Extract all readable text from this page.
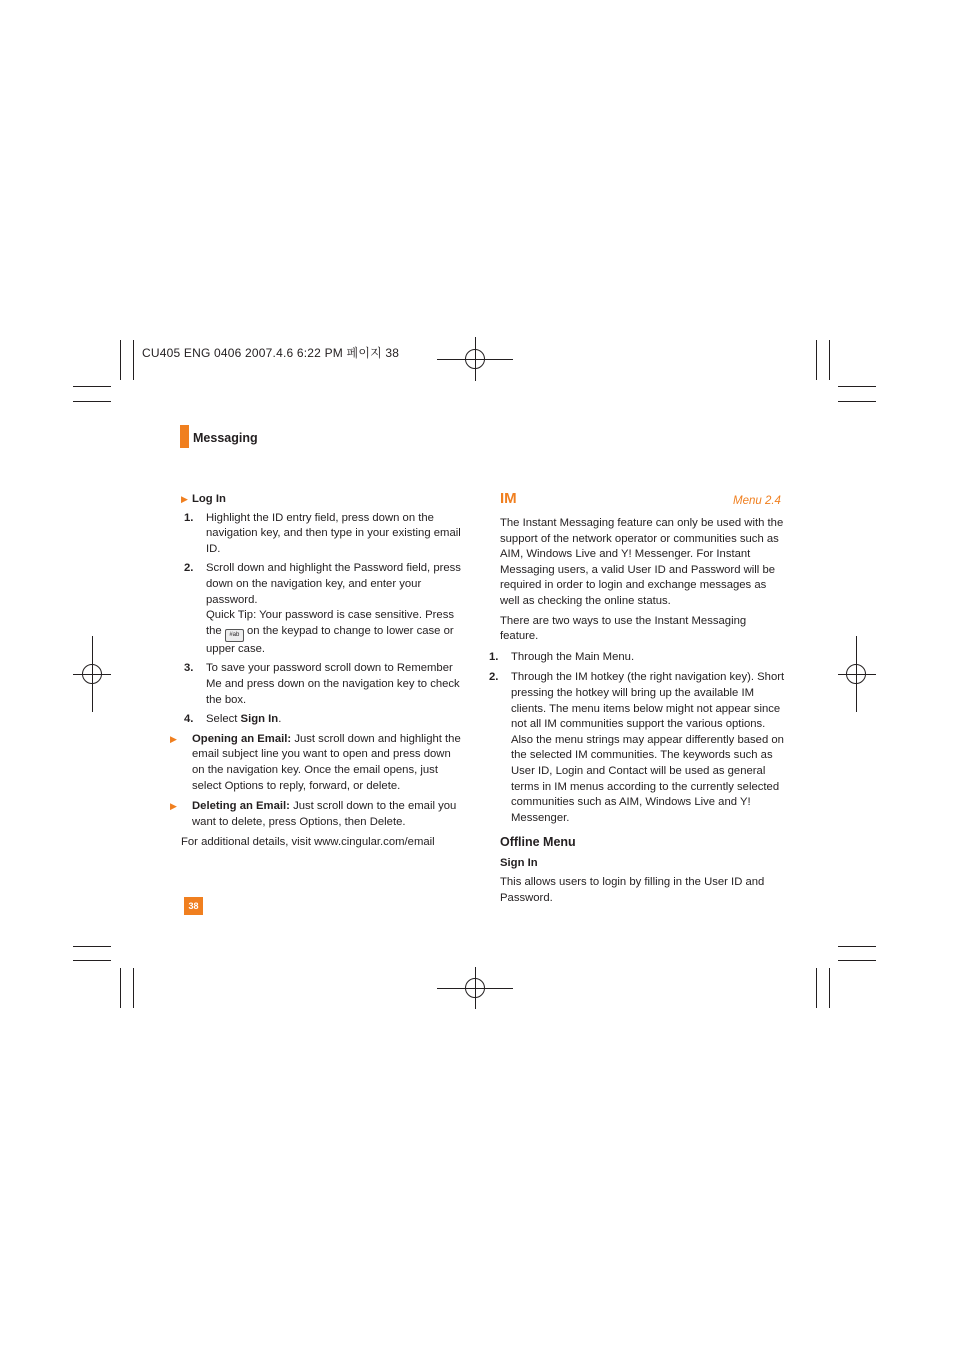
CU405 ENG 0406 2007.4.6 6:22 PM 페이지 38
Messaging

▶ Log In

1. Highlight the ID entry field, press down on the navigation key, and then type in your existing email ID.

2. Scroll down and highlight the Password field, press down on the navigation key, and enter your password.

Quick Tip: Your password is case sensitive. Press the #ab on the keypad to change to lower case or upper case.

3. To save your password scroll down to Remember Me and press down on the navigation key to check the box.

4. Select Sign In.

▶ Opening an Email: Just scroll down and highlight the email subject line you want to open and press down on the navigation key. Once the email opens, just select Options to reply, forward, or delete.

▶ Deleting an Email: Just scroll down to the email you want to delete, press Options, then Delete.

For additional details, visit www.cingular.com/email

IM	Menu 2.4

The Instant Messaging feature can only be used with the support of the network operator or communities such as AIM, Windows Live and Y! Messenger. For Instant Messaging users, a valid User ID and Password will be required in order to login and exchange messages as well as checking the online status.

There are two ways to use the Instant Messaging feature.

1. Through the Main Menu.

2. Through the IM hotkey (the right navigation key). Short pressing the hotkey will bring up the available IM clients. The menu items below might not appear since not all IM communities support the various options. Also the menu strings may appear differently based on the selected IM communities. The keywords such as User ID, Login and Contact will be used as general terms in IM menus according to the currently selected communities such as AIM, Windows Live and Y! Messenger.

Offline Menu

Sign In

This allows users to login by filling in the User ID and Password.

38
